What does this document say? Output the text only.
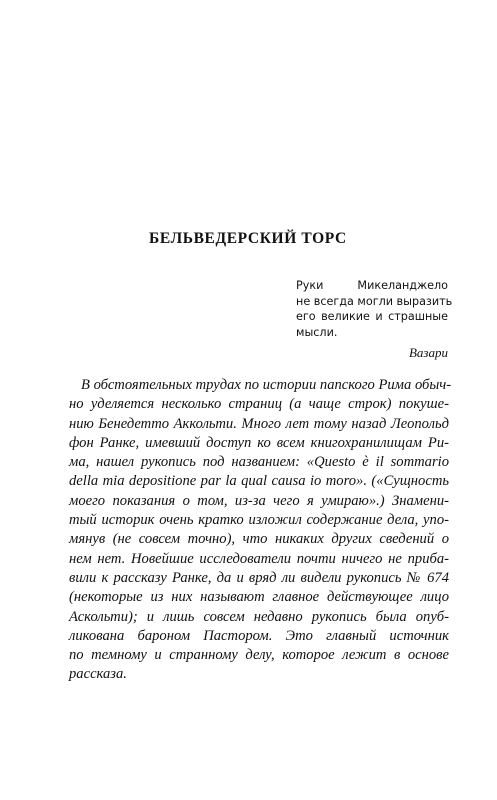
БЕЛЬВЕДЕРСКИЙ ТОРС
Руки Микеланджело
не всегда могли выразить
его великие и страшные
мысли.
Вазари
В обстоятельных трудах по истории папского Рима обыч-
но уделяется несколько страниц (а чаще строк) покуше-
нию Бенедетто Аккольти. Много лет тому назад Леопольд
фон Ранке, имевший доступ ко всем книгохранилищам Ри-
ма, нашел рукопись под названием: «Questo è il sommario
della mia depositione par la qual causa io moro». («Сущность
моего показания о том, из-за чего я умираю».) Знамени-
тый историк очень кратко изложил содержание дела, упо-
мянув (не совсем точно), что никаких других сведений о
нем нет. Новейшие исследователи почти ничего не приба-
вили к рассказу Ранке, да и вряд ли видели рукопись № 674
(некоторые из них называют главное действующее лицо
Аскольти); и лишь совсем недавно рукопись была опуб-
ликована бароном Пастором. Это главный источник
по темному и странному делу, которое лежит в основе
рассказа.
